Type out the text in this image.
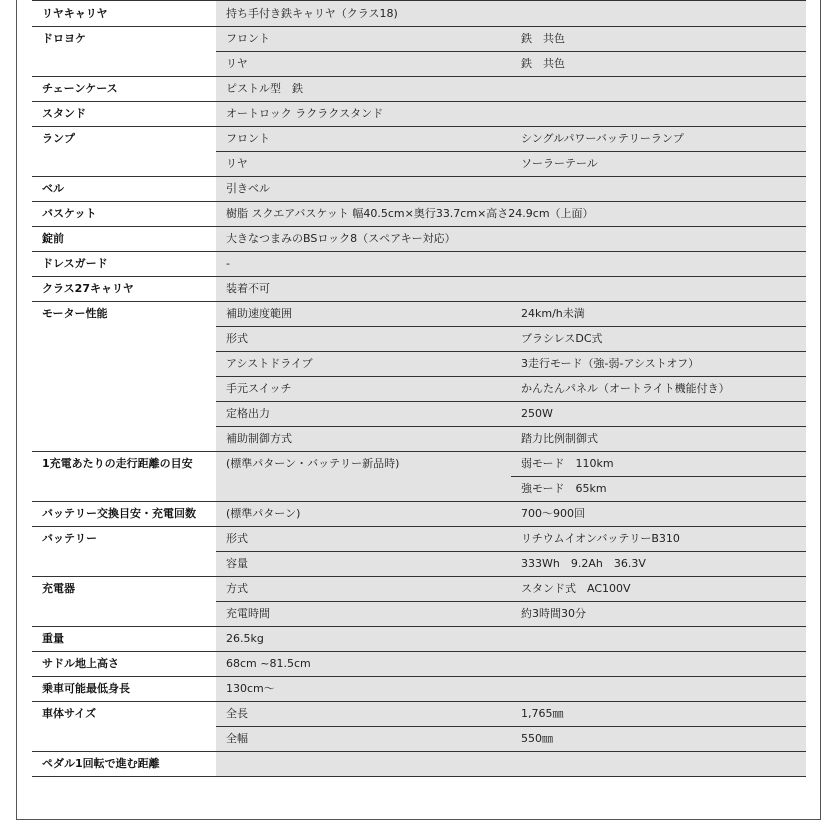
リヤキャリヤ	持ち手付き鉄キャリヤ（クラス18)	
ドロヨケ	フロント	鉄　共色
	リヤ	鉄　共色
チェーンケース	ピストル型　鉄	
スタンド	オートロック ラクラクスタンド	
ランプ	フロント	シングルパワーバッテリーランプ
	リヤ	ソーラーテール
ベル	引きベル	
バスケット	樹脂 スクエアバスケット 幅40.5cm×奥行33.7cm×高さ24.9cm（上面）	
錠前	大きなつまみのBSロック8（スペアキー対応）	
ドレスガード	-	
クラス27キャリヤ	装着不可	
モーター性能	補助速度範囲	24km/h未満
	形式	ブラシレスDC式
	アシストドライブ	3走行モード（強-弱-アシストオフ）
	手元スイッチ	かんたんパネル（オートライト機能付き）
	定格出力	250W
	補助制御方式	踏力比例制御式
1充電あたりの走行距離の目安	(標準パターン・バッテリー新品時)	弱モード　110km
		強モード　65km
バッテリー交換目安・充電回数	(標準パターン)	700～900回
バッテリー	形式	リチウムイオンバッテリーB310
	容量	333Wh　9.2Ah　36.3V
充電器	方式	スタンド式　AC100V
	充電時間	約3時間30分
重量	26.5kg	
サドル地上高さ	68cm ~81.5cm	
乗車可能最低身長	130cm～	
車体サイズ	全長	1,765㎜
	全幅	550㎜
ペダル1回転で進む距離		
